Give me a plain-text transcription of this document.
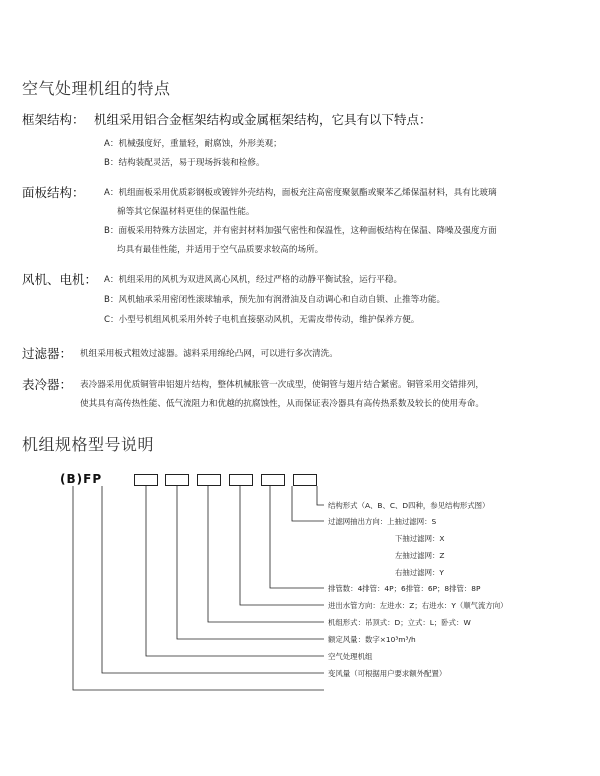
空气处理机组的特点
框架结构： 机组采用铝合金框架结构或金属框架结构，它具有以下特点：
A：机械强度好，重量轻，耐腐蚀，外形美观；
B：结构装配灵活，易于现场拆装和检修。
面板结构： A：机组面板采用优质彩钢板或镀锌外壳结构，面板充注高密度聚氨酯或聚苯乙烯保温材料，具有比玻璃
棉等其它保温材料更佳的保温性能。
B：面板采用特殊方法固定，并有密封材料加强气密性和保温性，这种面板结构在保温、降噪及强度方面
均具有最佳性能，并适用于空气品质要求较高的场所。
风机、电机： A：机组采用的风机为双进风离心风机，经过严格的动静平衡试验，运行平稳。
B：风机轴承采用密闭性滚球轴承，预先加有润滑油及自动调心和自动自锁、止推等功能。
C：小型号机组风机采用外转子电机直接驱动风机，无需皮带传动，维护保养方便。
过滤器： 机组采用板式粗效过滤器。滤料采用绵纶凸网，可以进行多次清洗。
表冷器： 表冷器采用优质铜管串铝翅片结构，整体机械胀管一次成型，使铜管与翅片结合紧密。铜管采用交错排列，
使其具有高传热性能、低气流阻力和优越的抗腐蚀性，从而保证表冷器具有高传热系数及较长的使用寿命。
机组规格型号说明
(B)FP
结构形式（A、B、C、D四种，参见结构形式图）
过滤网抽出方向：上抽过滤网：S
下抽过滤网：X
左抽过滤网：Z
右抽过滤网：Y
排管数：4排管：4P；6排管：6P；8排管：8P
进出水管方向：左进水：Z；右进水：Y（顺气流方向）
机组形式：吊顶式：D；立式：L；卧式：W
额定风量：数字×10³m³/h
空气处理机组
变风量（可根据用户要求额外配置）
